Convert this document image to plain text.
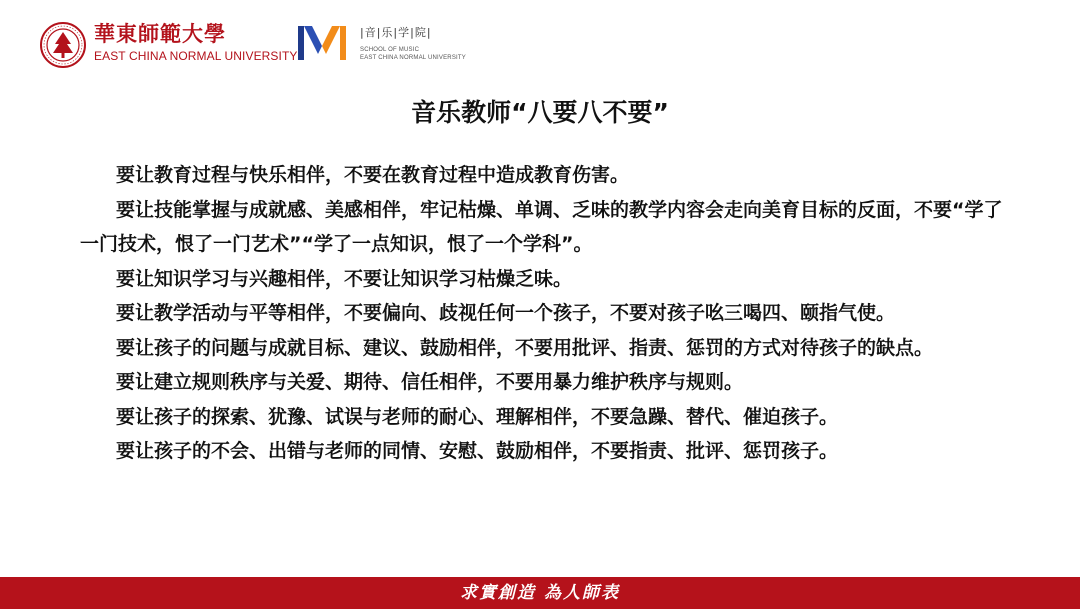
華東師範大學
EAST CHINA NORMAL UNIVERSITY
|音|乐|学|院|
SCHOOL OF MUSIC
EAST CHINA NORMAL UNIVERSITY
音乐教师“八要八不要”

要让教育过程与快乐相伴，不要在教育过程中造成教育伤害。

要让技能掌握与成就感、美感相伴，牢记枯燥、单调、乏味的教学内容会走向美育目标的反面，不要“学了一门技术，恨了一门艺术”“学了一点知识，恨了一个学科”。

要让知识学习与兴趣相伴，不要让知识学习枯燥乏味。

要让教学活动与平等相伴，不要偏向、歧视任何一个孩子，不要对孩子吆三喝四、颐指气使。

要让孩子的问题与成就目标、建议、鼓励相伴，不要用批评、指责、惩罚的方式对待孩子的缺点。

要让建立规则秩序与关爱、期待、信任相伴，不要用暴力维护秩序与规则。

要让孩子的探索、犹豫、试误与老师的耐心、理解相伴，不要急躁、替代、催迫孩子。

要让孩子的不会、出错与老师的同情、安慰、鼓励相伴，不要指责、批评、惩罚孩子。

求實創造 為人師表
